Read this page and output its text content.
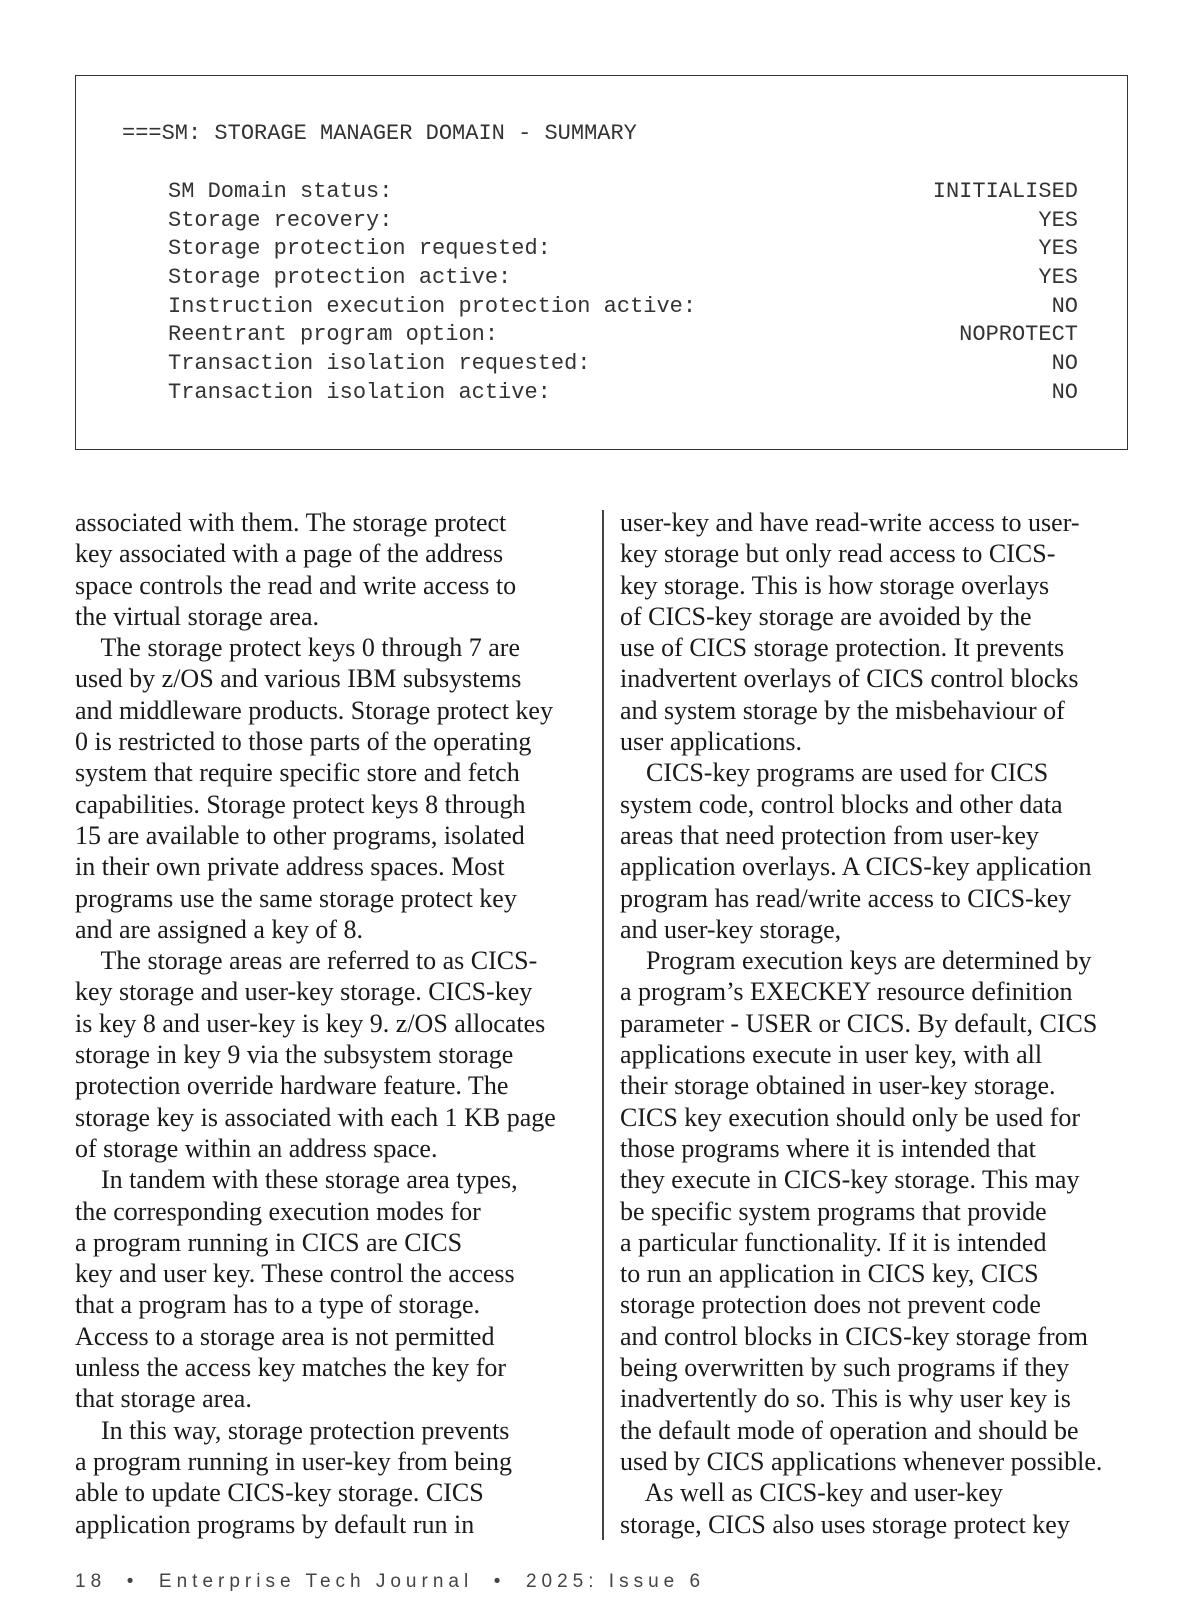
===SM: STORAGE MANAGER DOMAIN - SUMMARY
SM Domain status:	INITIALISED
Storage recovery:	YES
Storage protection requested:	YES
Storage protection active:	YES
Instruction execution protection active:	NO
Reentrant program option:	NOPROTECT
Transaction isolation requested:	NO
Transaction isolation active:	NO
associated with them. The storage protect
key associated with a page of the address
space controls the read and write access to
the virtual storage area.
The storage protect keys 0 through 7 are
used by z/OS and various IBM subsystems
and middleware products. Storage protect key
0 is restricted to those parts of the operating
system that require specific store and fetch
capabilities. Storage protect keys 8 through
15 are available to other programs, isolated
in their own private address spaces. Most
programs use the same storage protect key
and are assigned a key of 8.
The storage areas are referred to as CICS-
key storage and user-key storage. CICS-key
is key 8 and user-key is key 9. z/OS allocates
storage in key 9 via the subsystem storage
protection override hardware feature. The
storage key is associated with each 1 KB page
of storage within an address space.
In tandem with these storage area types,
the corresponding execution modes for
a program running in CICS are CICS
key and user key. These control the access
that a program has to a type of storage.
Access to a storage area is not permitted
unless the access key matches the key for
that storage area.
In this way, storage protection prevents
a program running in user-key from being
able to update CICS-key storage. CICS
application programs by default run in
user-key and have read-write access to user-
key storage but only read access to CICS-
key storage. This is how storage overlays
of CICS-key storage are avoided by the
use of CICS storage protection. It prevents
inadvertent overlays of CICS control blocks
and system storage by the misbehaviour of
user applications.
CICS-key programs are used for CICS
system code, control blocks and other data
areas that need protection from user-key
application overlays. A CICS-key application
program has read/write access to CICS-key
and user-key storage,
Program execution keys are determined by
a program’s EXECKEY resource definition
parameter - USER or CICS. By default, CICS
applications execute in user key, with all
their storage obtained in user-key storage.
CICS key execution should only be used for
those programs where it is intended that
they execute in CICS-key storage. This may
be specific system programs that provide
a particular functionality. If it is intended
to run an application in CICS key, CICS
storage protection does not prevent code
and control blocks in CICS-key storage from
being overwritten by such programs if they
inadvertently do so. This is why user key is
the default mode of operation and should be
used by CICS applications whenever possible.
As well as CICS-key and user-key
storage, CICS also uses storage protect key
18  •  Enterprise Tech Journal  •  2025: Issue 6
